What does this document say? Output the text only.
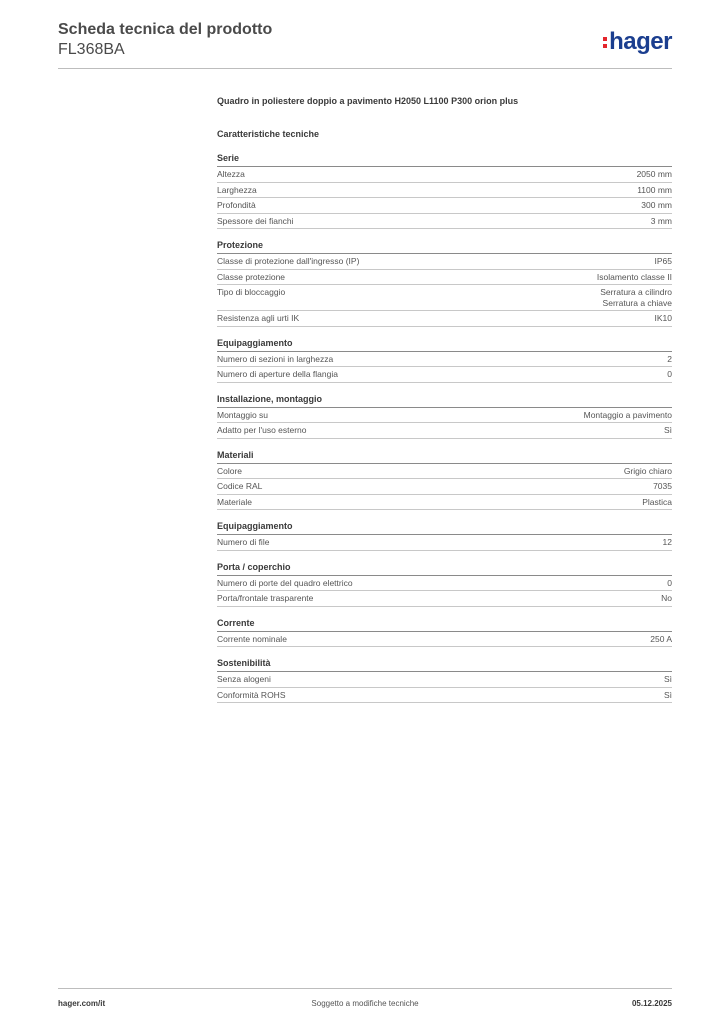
Scheda tecnica del prodotto
FL368BA	hager
Quadro in poliestere doppio a pavimento H2050 L1100 P300 orion plus
Caratteristiche tecniche
Serie
Altezza	2050 mm
Larghezza	1100 mm
Profondità	300 mm
Spessore dei fianchi	3 mm
Protezione
Classe di protezione dall'ingresso (IP)	IP65
Classe protezione	Isolamento classe II
Tipo di bloccaggio	Serratura a cilindro
Serratura a chiave
Resistenza agli urti IK	IK10
Equipaggiamento
Numero di sezioni in larghezza	2
Numero di aperture della flangia	0
Installazione, montaggio
Montaggio su	Montaggio a pavimento
Adatto per l'uso esterno	Sì
Materiali
Colore	Grigio chiaro
Codice RAL	7035
Materiale	Plastica
Equipaggiamento
Numero di file	12
Porta / coperchio
Numero di porte del quadro elettrico	0
Porta/frontale trasparente	No
Corrente
Corrente nominale	250 A
Sostenibilità
Senza alogeni	Sì
Conformità ROHS	Sì
hager.com/it	Soggetto a modifiche tecniche	05.12.2025
